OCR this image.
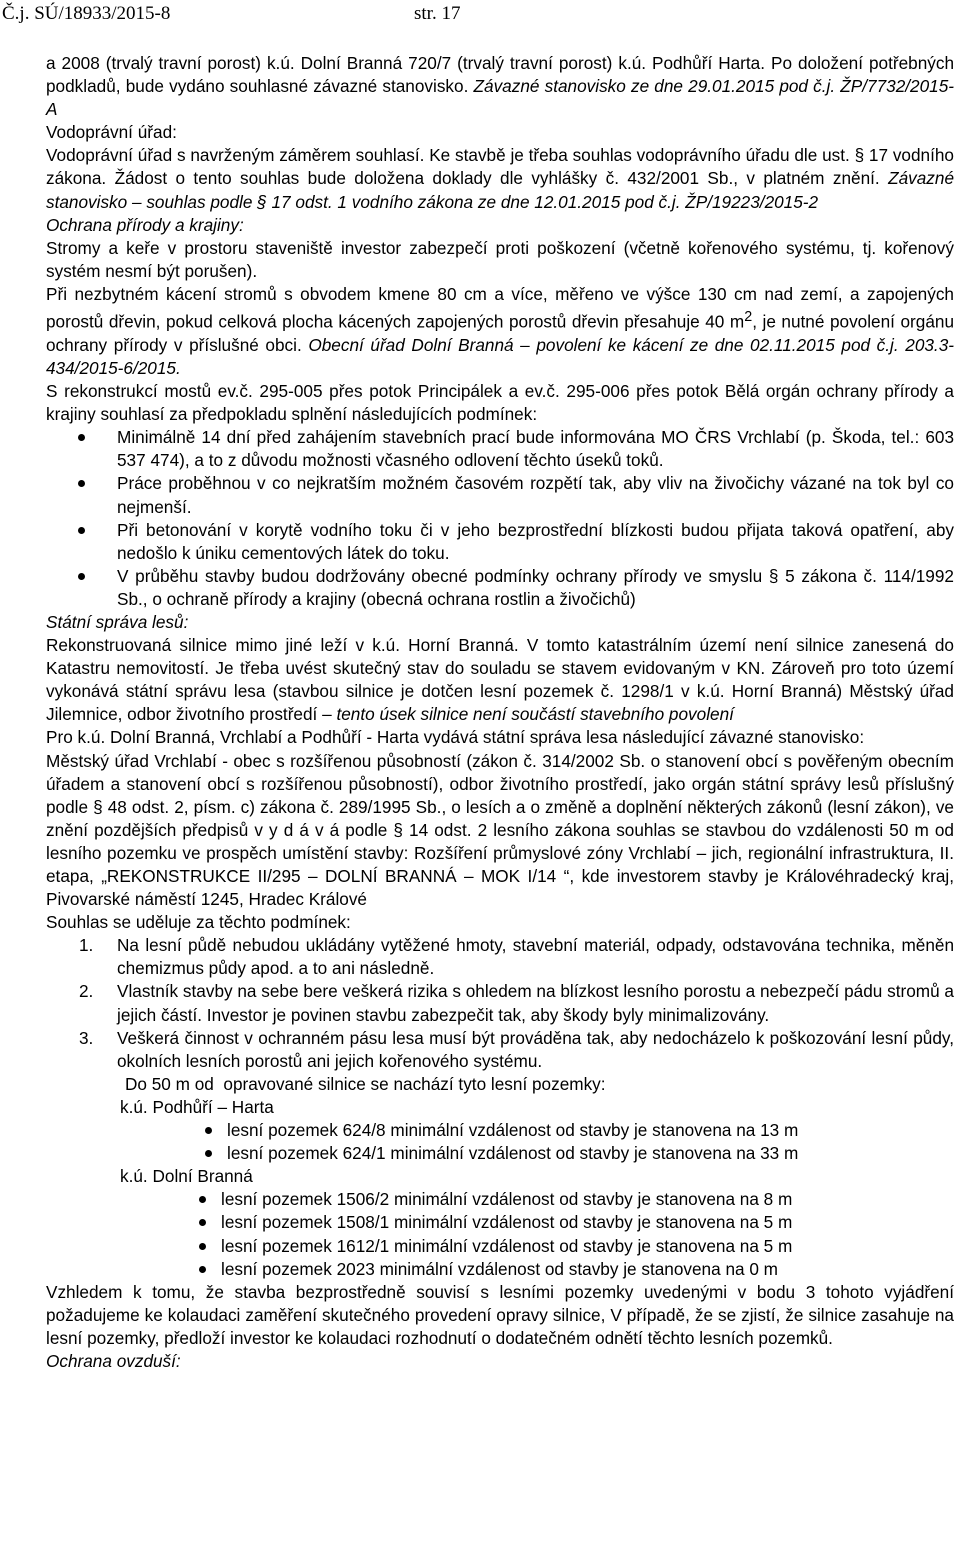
Č.j. SÚ/18933/2015-8	str. 17

a 2008 (trvalý travní porost) k.ú. Dolní Branná 720/7 (trvalý travní porost) k.ú. Podhůří Harta. Po doložení potřebných podkladů, bude vydáno souhlasné závazné stanovisko. Závazné stanovisko ze dne 29.01.2015 pod č.j. ŽP/7732/2015-A

Vodoprávní úřad:

Vodoprávní úřad s navrženým záměrem souhlasí. Ke stavbě je třeba souhlas vodoprávního úřadu dle ust. § 17 vodního zákona. Žádost o tento souhlas bude doložena doklady dle vyhlášky č. 432/2001 Sb., v platném znění. Závazné stanovisko – souhlas podle § 17 odst. 1 vodního zákona ze dne 12.01.2015 pod č.j. ŽP/19223/2015-2

Ochrana přírody a krajiny:

Stromy a keře v prostoru staveniště investor zabezpečí proti poškození (včetně kořenového systému, tj. kořenový systém nesmí být porušen).

Při nezbytném kácení stromů s obvodem kmene 80 cm a více, měřeno ve výšce 130 cm nad zemí, a zapojených porostů dřevin, pokud celková plocha kácených zapojených porostů dřevin přesahuje 40 $m^2$, je nutné povolení orgánu ochrany přírody v příslušné obci. Obecní úřad Dolní Branná – povolení ke kácení ze dne 02.11.2015 pod č.j. 203.3-434/2015-6/2015.

S rekonstrukcí mostů ev.č. 295-005 přes potok Principálek a ev.č. 295-006 přes potok Bělá orgán ochrany přírody a krajiny souhlasí za předpokladu splnění následujících podmínek:

Minimálně 14 dní před zahájením stavebních prací bude informována MO ČRS Vrchlabí (p. Škoda, tel.: 603 537 474), a to z důvodu možnosti včasného odlovení těchto úseků toků.
Práce proběhnou v co nejkratším možném časovém rozpětí tak, aby vliv na živočichy vázané na tok byl co nejmenší.
Při betonování v korytě vodního toku či v jeho bezprostřední blízkosti budou přijata taková opatření, aby nedošlo k úniku cementových látek do toku.
V průběhu stavby budou dodržovány obecné podmínky ochrany přírody ve smyslu § 5 zákona č. 114/1992 Sb., o ochraně přírody a krajiny (obecná ochrana rostlin a živočichů)

Státní správa lesů:

Rekonstruovaná silnice mimo jiné leží v k.ú. Horní Branná. V tomto katastrálním území není silnice zanesená do Katastru nemovitostí. Je třeba uvést skutečný stav do souladu se stavem evidovaným v KN. Zároveň pro toto území vykonává státní správu lesa (stavbou silnice je dotčen lesní pozemek č. 1298/1 v k.ú. Horní Branná) Městský úřad Jilemnice, odbor životního prostředí – tento úsek silnice není součástí stavebního povolení

Pro k.ú. Dolní Branná, Vrchlabí a Podhůří - Harta vydává státní správa lesa následující závazné stanovisko:

Městský úřad Vrchlabí - obec s rozšířenou působností (zákon č. 314/2002 Sb. o stanovení obcí s pověřeným obecním úřadem a stanovení obcí s rozšířenou působností), odbor životního prostředí, jako orgán státní správy lesů příslušný podle § 48 odst. 2, písm. c) zákona č. 289/1995 Sb., o lesích a o změně a doplnění některých zákonů (lesní zákon), ve znění pozdějších předpisů v y d á v á podle § 14 odst. 2 lesního zákona souhlas se stavbou do vzdálenosti 50 m od lesního pozemku ve prospěch umístění stavby: Rozšíření průmyslové zóny Vrchlabí – jich, regionální infrastruktura, II. etapa, „REKONSTRUKCE II/295 – DOLNÍ BRANNÁ – MOK I/14 “, kde investorem stavby je Královéhradecký kraj, Pivovarské náměstí 1245, Hradec Králové

Souhlas se uděluje za těchto podmínek:

1. Na lesní půdě nebudou ukládány vytěžené hmoty, stavební materiál, odpady, odstavována technika, měněn chemizmus půdy apod. a to ani následně.
2. Vlastník stavby na sebe bere veškerá rizika s ohledem na blízkost lesního porostu a nebezpečí pádu stromů a jejich částí. Investor je povinen stavbu zabezpečit tak, aby škody byly minimalizovány.
3. Veškerá činnost v ochranném pásu lesa musí být prováděna tak, aby nedocházelo k poškozování lesní půdy, okolních lesních porostů ani jejich kořenového systému.

Do 50 m od  opravované silnice se nachází tyto lesní pozemky:

k.ú. Podhůří – Harta

lesní pozemek 624/8 minimální vzdálenost od stavby je stanovena na 13 m
lesní pozemek 624/1 minimální vzdálenost od stavby je stanovena na 33 m

k.ú. Dolní Branná

lesní pozemek 1506/2 minimální vzdálenost od stavby je stanovena na 8 m
lesní pozemek 1508/1 minimální vzdálenost od stavby je stanovena na 5 m
lesní pozemek 1612/1 minimální vzdálenost od stavby je stanovena na 5 m
lesní pozemek 2023 minimální vzdálenost od stavby je stanovena na 0 m

Vzhledem k tomu, že stavba bezprostředně souvisí s lesními pozemky uvedenými v bodu 3 tohoto vyjádření požadujeme ke kolaudaci zaměření skutečného provedení opravy silnice, V případě, že se zjistí, že silnice zasahuje na lesní pozemky, předloží investor ke kolaudaci rozhodnutí o dodatečném odnětí těchto lesních pozemků.

Ochrana ovzduší:
